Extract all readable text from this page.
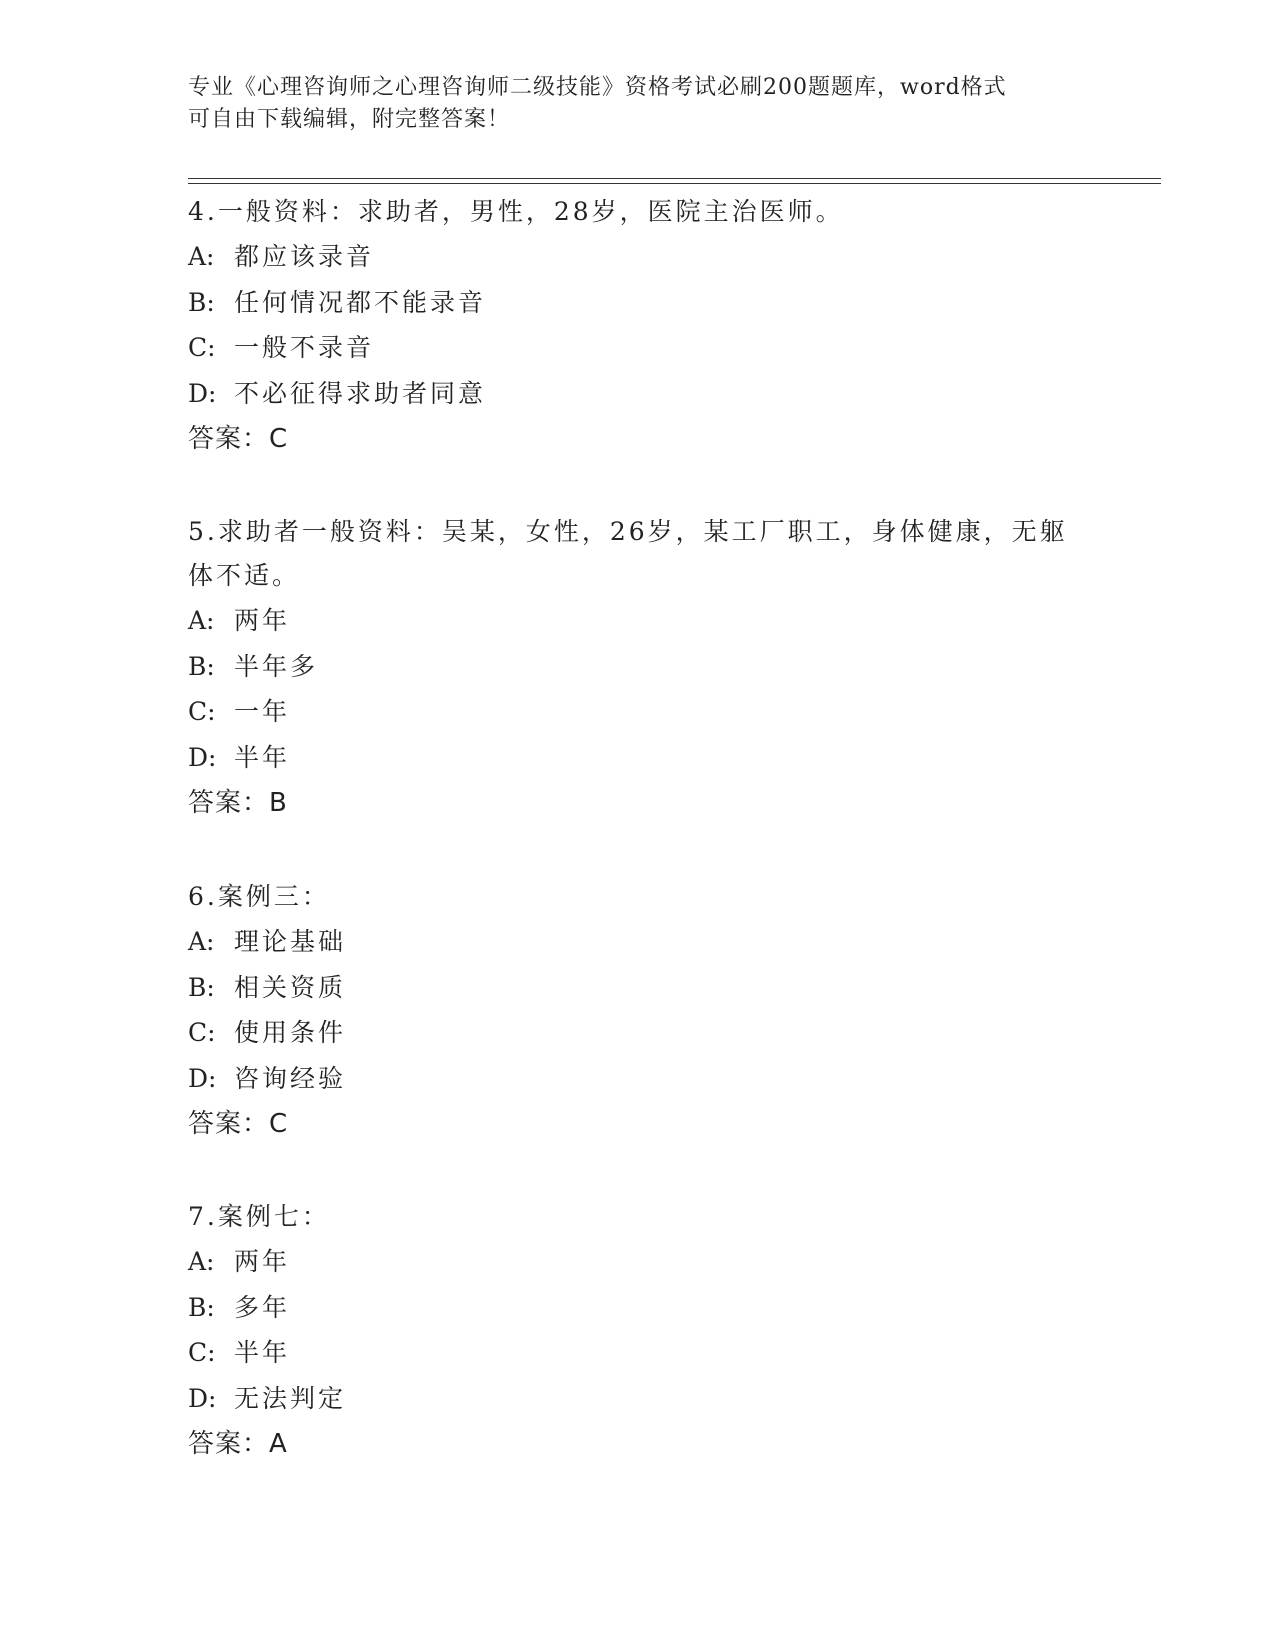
专业《心理咨询师之心理咨询师二级技能》资格考试必刷200题题库，word格式
可自由下载编辑，附完整答案！
4.一般资料：求助者，男性，28岁，医院主治医师。
A: 都应该录音
B: 任何情况都不能录音
C: 一般不录音
D: 不必征得求助者同意
答案：C
5.求助者一般资料：吴某，女性，26岁，某工厂职工，身体健康，无躯体不适。
A: 两年
B: 半年多
C: 一年
D: 半年
答案：B
6.案例三：
A: 理论基础
B: 相关资质
C: 使用条件
D: 咨询经验
答案：C
7.案例七：
A: 两年
B: 多年
C: 半年
D: 无法判定
答案：A
